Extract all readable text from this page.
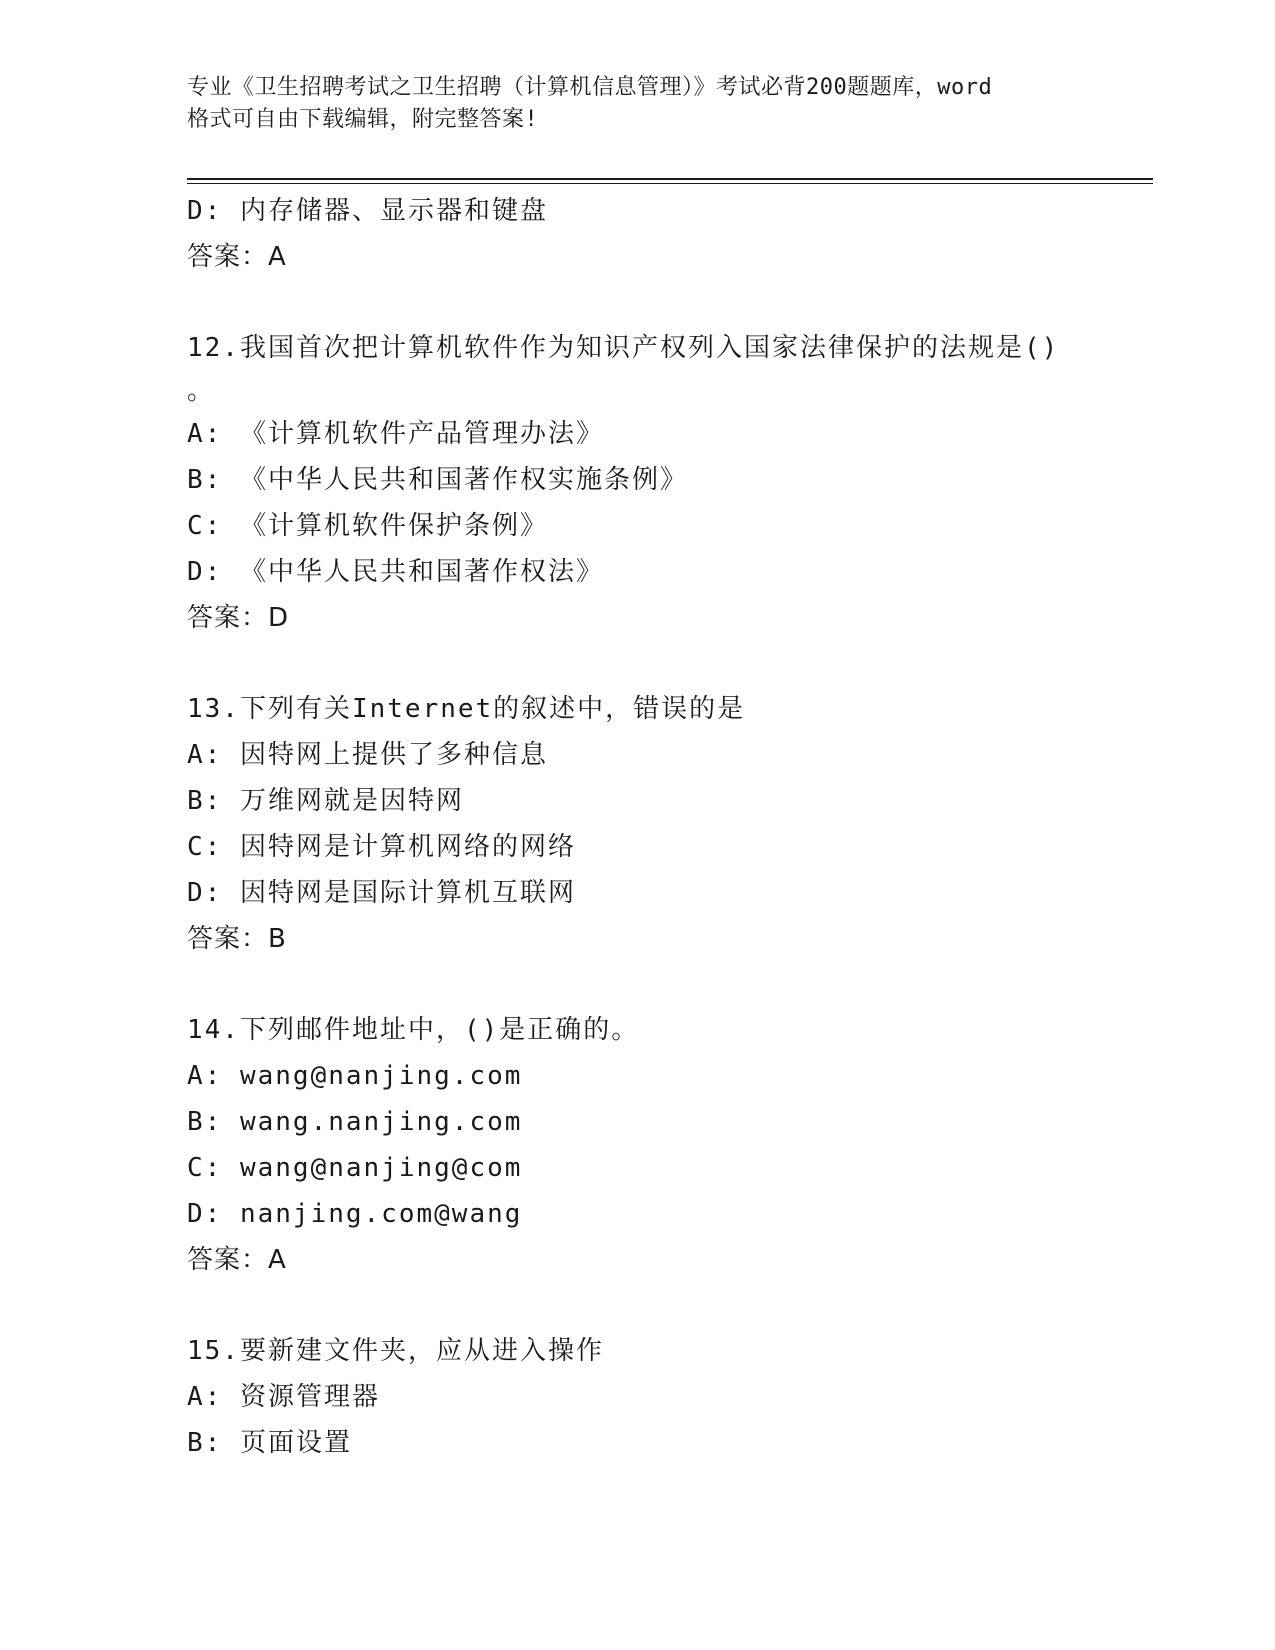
专业《卫生招聘考试之卫生招聘（计算机信息管理）》考试必背200题题库，word
格式可自由下载编辑，附完整答案!
D: 内存储器、显示器和键盘
答案：A
12.我国首次把计算机软件作为知识产权列入国家法律保护的法规是()
。
A: 《计算机软件产品管理办法》
B: 《中华人民共和国著作权实施条例》
C: 《计算机软件保护条例》
D: 《中华人民共和国著作权法》
答案：D
13.下列有关Internet的叙述中，错误的是
A: 因特网上提供了多种信息
B: 万维网就是因特网
C: 因特网是计算机网络的网络
D: 因特网是国际计算机互联网
答案：B
14.下列邮件地址中，()是正确的。
A: wang@nanjing.com
B: wang.nanjing.com
C: wang@nanjing@com
D: nanjing.com@wang
答案：A
15.要新建文件夹，应从进入操作
A: 资源管理器
B: 页面设置
